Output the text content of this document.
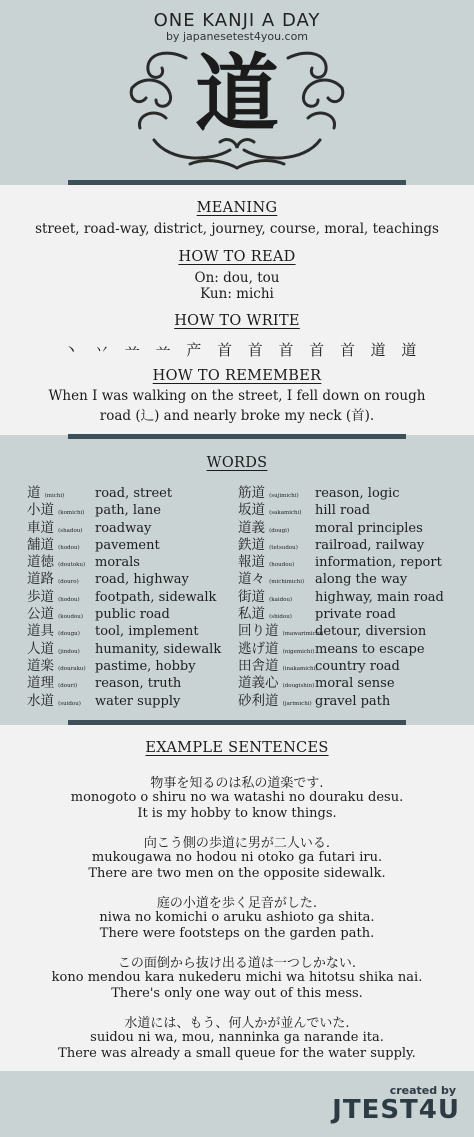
ONE KANJI A DAY
by japanesetest4you.com
道
MEANING
street, road-way, district, journey, course, moral, teachings
HOW TO READ
On: dou, tou
Kun: michi
HOW TO WRITE
丶 丷 䒑 䒑 产 首 首 首 首 首 道 道
HOW TO REMEMBER
When I was walking on the street, I fell down on rough
road (辶) and nearly broke my neck (首).
WORDS
道 (michi) road, street
小道 (komichi) path, lane
車道 (shadou) roadway
舗道 (hodou) pavement
道徳 (doutoku) morals
道路 (douro) road, highway
歩道 (hodou) footpath, sidewalk
公道 (koudou) public road
道具 (dougu) tool, implement
人道 (jindou) humanity, sidewalk
道楽 (douraku) pastime, hobby
道理 (douri) reason, truth
水道 (suidou) water supply
筋道 (sujimichi) reason, logic
坂道 (sakamichi) hill road
道義 (dougi) moral principles
鉄道 (tetsudou) railroad, railway
報道 (houdou) information, report
道々 (michimichi) along the way
街道 (kaidou) highway, main road
私道 (shidou) private road
回り道 (mawarimichi)
detour, diversion
逃げ道 (nigemichi) means to escape
田舎道 (inakamichi)
country road
道義心 (dougishin) moral sense
砂利道 (jarimichi) gravel path
EXAMPLE SENTENCES
物事を知るのは私の道楽です.
monogoto o shiru no wa watashi no douraku desu.
It is my hobby to know things.
向こう側の歩道に男が二人いる.
mukougawa no hodou ni otoko ga futari iru.
There are two men on the opposite sidewalk.
庭の小道を歩く足音がした.
niwa no komichi o aruku ashioto ga shita.
There were footsteps on the garden path.
この面倒から抜け出る道は一つしかない.
kono mendou kara nukederu michi wa hitotsu shika nai.
There's only one way out of this mess.
水道には、もう、何人かが並んでいた.
suidou ni wa, mou, nanninka ga narande ita.
There was already a small queue for the water supply.
created by
JTEST4U
